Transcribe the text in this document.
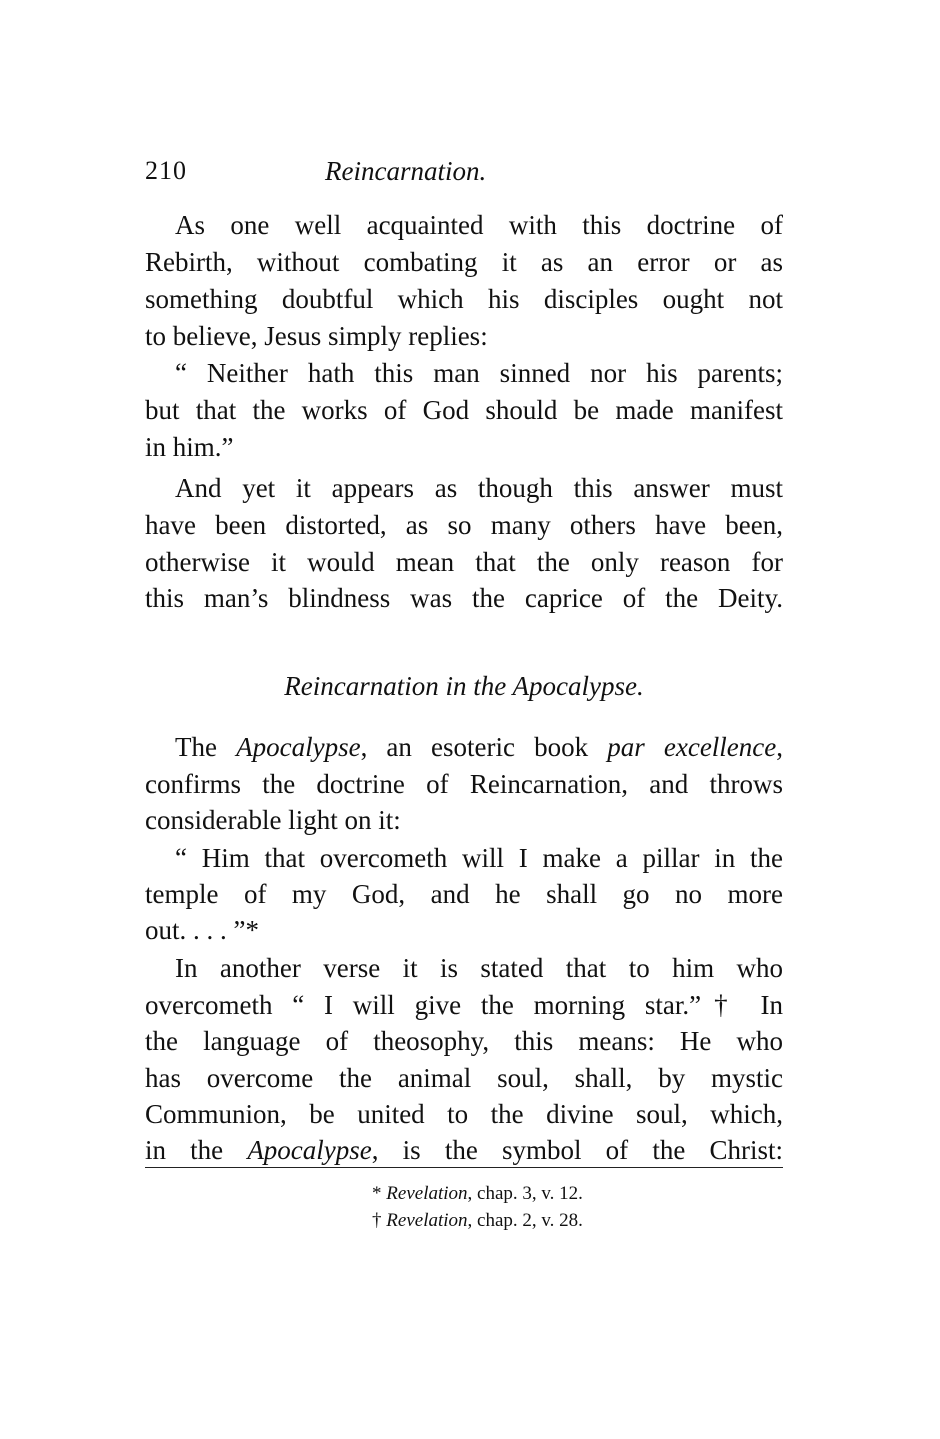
210	Reincarnation.
As one well acquainted with this doctrine of
Rebirth, without combating it as an error or as
something doubtful which his disciples ought not
to believe, Jesus simply replies:
“ Neither hath this man sinned nor his parents;
but that the works of God should be made manifest
in him.”
And yet it appears as though this answer must
have been distorted, as so many others have been,
otherwise it would mean that the only reason for
this man’s blindness was the caprice of the Deity.
Reincarnation in the Apocalypse.
The Apocalypse, an esoteric book par excellence,
confirms the doctrine of Reincarnation, and throws
considerable light on it:
“ Him that overcometh will I make a pillar in the
temple of my God, and he shall go no more
out. . . . ”*
In another verse it is stated that to him who
overcometh “ I will give the morning star.”† In
the language of theosophy, this means: He who
has overcome the animal soul, shall, by mystic
Communion, be united to the divine soul, which,
in the Apocalypse, is the symbol of the Christ:
* Revelation, chap. 3, v. 12.
† Revelation, chap. 2, v. 28.
